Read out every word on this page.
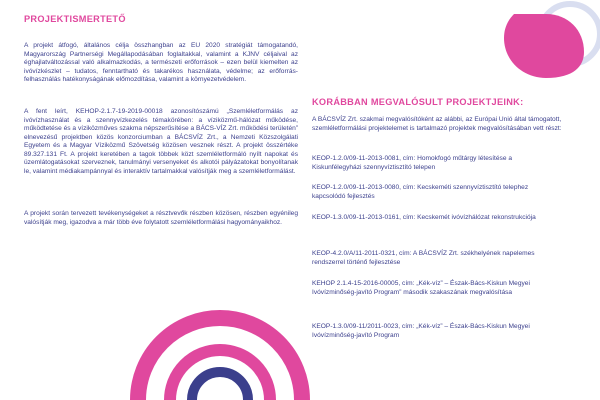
PROJEKTISMERTETŐ

A projekt átfogó, általános célja összhangban az EU 2020 stratégiát támogatandó, Magyarország Partnerségi Megállapodásában foglaltakkal, valamint a KJNV céljaival az éghajlatváltozással való alkalmazkodás, a természeti erőforrások – ezen belül kiemelten az ivóvízkészlet – tudatos, fenntartható és takarékos használata, védelme; az erőforrás-felhasználás hatékonyságának előmozdítása, valamint a környezetvédelem.

A fent leírt, KEHOP-2.1.7-19-2019-00018 azonosítószámú „Szemléletformálás az ivóvízhasználat és a szennyvízkezelés témakörében: a víziközmű-hálózat működése, működtetése és a víziközműves szakma népszerűsítése a BÁCS-VÍZ Zrt. működési területén” elnevezésű projektben közös konzorciumban a BÁCSVÍZ Zrt., a Nemzeti Közszolgálati Egyetem és a Magyar Víziközmű Szövetség közösen vesznek részt. A projekt összértéke 89.327.131 Ft. A projekt keretében a tagok többek közt szemléletformáló nyílt napokat és üzemlátogatásokat szerveznek, tanulmányi versenyeket és alkotói pályázatokat bonyolítanak le, valamint médiakampánnyal és interaktív tartalmakkal valósítják meg a szemléletformálást.

A projekt során tervezett tevékenységeket a résztvevők részben közösen, részben egyénileg valósítják meg, igazodva a már több éve folytatott szemléletformálási hagyományaikhoz.

KORÁBBAN MEGVALÓSULT PROJEKTJEINK:

A BÁCSVÍZ Zrt. szakmai megvalósítóként az alábbi, az Európai Unió által támogatott, szemléletformálási projektelemet is tartalmazó projektek megvalósításában vett részt:

KEOP-1.2.0/09-11-2013-0081, cím: Homokfogó műtárgy létesítése a Kiskunfélegyházi szennyvíztisztító telepen

KEOP-1.2.0/09-11-2013-0080, cím: Kecskeméti szennyvíztisztító telephez kapcsolódó fejlesztés

KEOP-1.3.0/09-11-2013-0161, cím: Kecskemét ivóvízhálózat rekonstrukciója

KEOP-4.2.0/A/11-2011-0321, cím: A BÁCSVÍZ Zrt. székhelyének napelemes rendszerrel történő fejlesztése

KEHOP 2.1.4-15-2016-00005, cím: „Kék-víz” – Észak-Bács-Kiskun Megyei Ivóvízminőség-javító Program” második szakaszának megvalósítása

KEOP-1.3.0/09-11/2011-0023, cím: „Kék-víz” – Észak-Bács-Kiskun Megyei Ivóvízminőség-javító Program
